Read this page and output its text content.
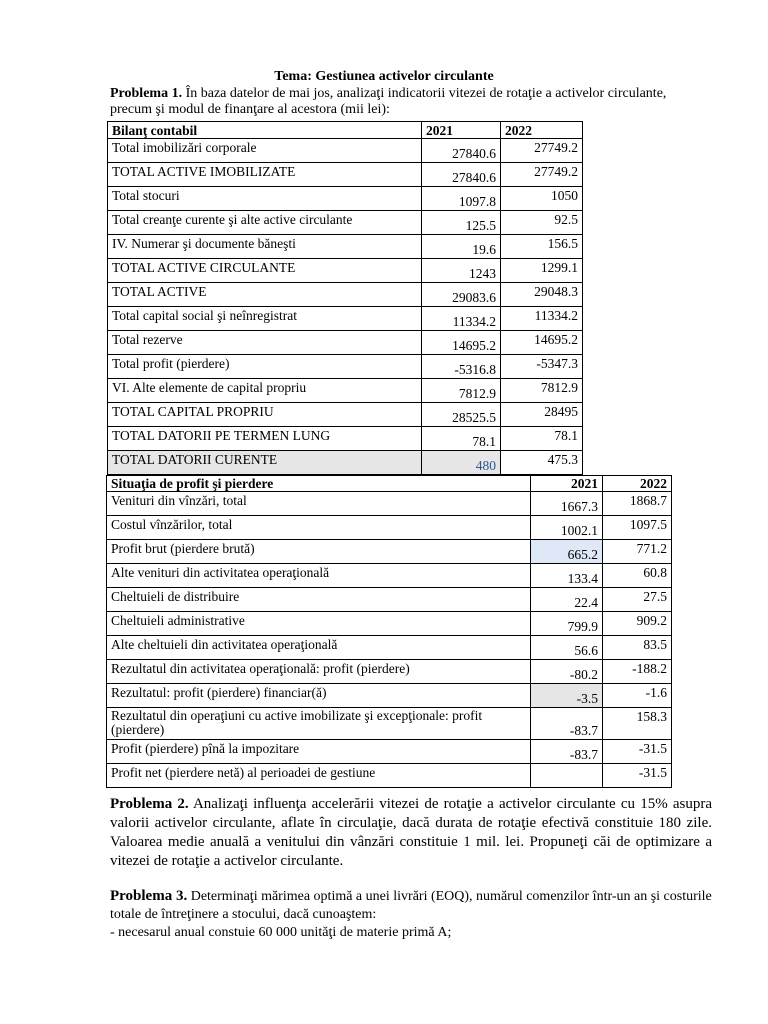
Tema: Gestiunea activelor circulante
Problema 1. În baza datelor de mai jos, analizaţi indicatorii vitezei de rotaţie a activelor circulante, precum şi modul de finanţare al acestora (mii lei):
Bilanţ contabil	2021	2022
Total imobilizări corporale	27840.6	27749.2
TOTAL ACTIVE IMOBILIZATE	27840.6	27749.2
Total stocuri	1097.8	1050
Total creanţe curente şi alte active circulante	125.5	92.5
IV. Numerar şi documente băneşti	19.6	156.5
TOTAL ACTIVE CIRCULANTE	1243	1299.1
TOTAL ACTIVE	29083.6	29048.3
Total capital social şi neînregistrat	11334.2	11334.2
Total rezerve	14695.2	14695.2
Total profit (pierdere)	-5316.8	-5347.3
VI. Alte elemente de capital propriu	7812.9	7812.9
TOTAL CAPITAL PROPRIU	28525.5	28495
TOTAL DATORII PE TERMEN LUNG	78.1	78.1
TOTAL DATORII CURENTE	480	475.3
Situaţia de profit şi pierdere	2021	2022
Venituri din vînzări, total	1667.3	1868.7
Costul vînzărilor, total	1002.1	1097.5
Profit brut (pierdere brută)	665.2	771.2
Alte venituri din activitatea operaţională	133.4	60.8
Cheltuieli de distribuire	22.4	27.5
Cheltuieli administrative	799.9	909.2
Alte cheltuieli din activitatea operaţională	56.6	83.5
Rezultatul din activitatea operaţională: profit (pierdere)	-80.2	-188.2
Rezultatul: profit (pierdere) financiar(ă)	-3.5	-1.6
Rezultatul din operaţiuni cu active imobilizate şi excepţionale: profit (pierdere)	-83.7	158.3
Profit (pierdere) pînă la impozitare	-83.7	-31.5
Profit net (pierdere netă) al perioadei de gestiune		-31.5
Problema 2. Analizaţi influenţa accelerării vitezei de rotaţie a activelor circulante cu 15% asupra valorii activelor circulante, aflate în circulaţie, dacă durata de rotaţie efectivă constituie 180 zile. Valoarea medie anuală a venitului din vânzări constituie 1 mil. lei. Propuneţi căi de optimizare a vitezei de rotaţie a activelor circulante.
Problema 3. Determinaţi mărimea optimă a unei livrări (EOQ), numărul comenzilor într-un an şi costurile totale de întreţinere a stocului, dacă cunoaştem:
- necesarul anual constuie 60 000 unităţi de materie primă A;
